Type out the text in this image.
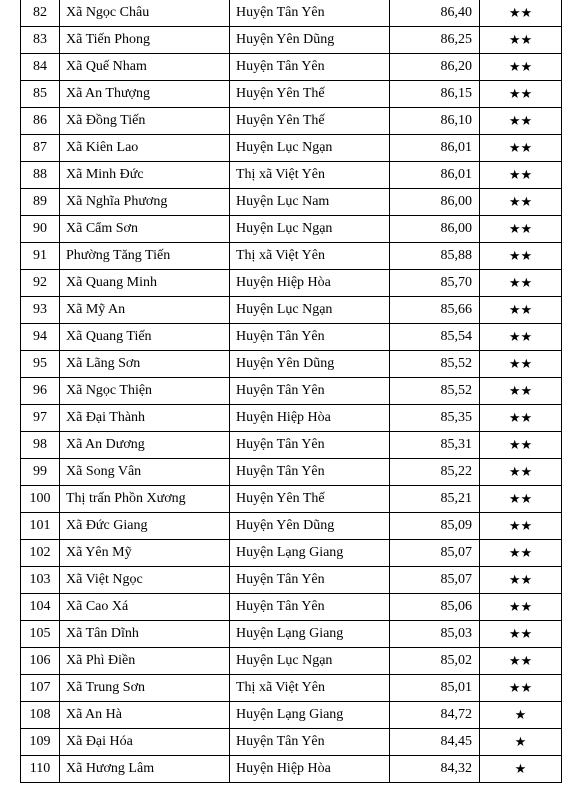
82	Xã Ngọc Châu	Huyện Tân Yên	86,40	★★
83	Xã Tiến Phong	Huyện Yên Dũng	86,25	★★
84	Xã Quế Nham	Huyện Tân Yên	86,20	★★
85	Xã An Thượng	Huyện Yên Thế	86,15	★★
86	Xã Đồng Tiến	Huyện Yên Thế	86,10	★★
87	Xã Kiên Lao	Huyện Lục Ngạn	86,01	★★
88	Xã Minh Đức	Thị xã Việt Yên	86,01	★★
89	Xã Nghĩa Phương	Huyện Lục Nam	86,00	★★
90	Xã Cẩm Sơn	Huyện Lục Ngạn	86,00	★★
91	Phường Tăng Tiến	Thị xã Việt Yên	85,88	★★
92	Xã Quang Minh	Huyện Hiệp Hòa	85,70	★★
93	Xã Mỹ An	Huyện Lục Ngạn	85,66	★★
94	Xã Quang Tiến	Huyện Tân Yên	85,54	★★
95	Xã Lãng Sơn	Huyện Yên Dũng	85,52	★★
96	Xã Ngọc Thiện	Huyện Tân Yên	85,52	★★
97	Xã Đại Thành	Huyện Hiệp Hòa	85,35	★★
98	Xã An Dương	Huyện Tân Yên	85,31	★★
99	Xã Song Vân	Huyện Tân Yên	85,22	★★
100	Thị trấn Phồn Xương	Huyện Yên Thế	85,21	★★
101	Xã Đức Giang	Huyện Yên Dũng	85,09	★★
102	Xã Yên Mỹ	Huyện Lạng Giang	85,07	★★
103	Xã Việt Ngọc	Huyện Tân Yên	85,07	★★
104	Xã Cao Xá	Huyện Tân Yên	85,06	★★
105	Xã Tân Dĩnh	Huyện Lạng Giang	85,03	★★
106	Xã Phì Điền	Huyện Lục Ngạn	85,02	★★
107	Xã Trung Sơn	Thị xã Việt Yên	85,01	★★
108	Xã An Hà	Huyện Lạng Giang	84,72	★
109	Xã Đại Hóa	Huyện Tân Yên	84,45	★
110	Xã Hương Lâm	Huyện Hiệp Hòa	84,32	★
